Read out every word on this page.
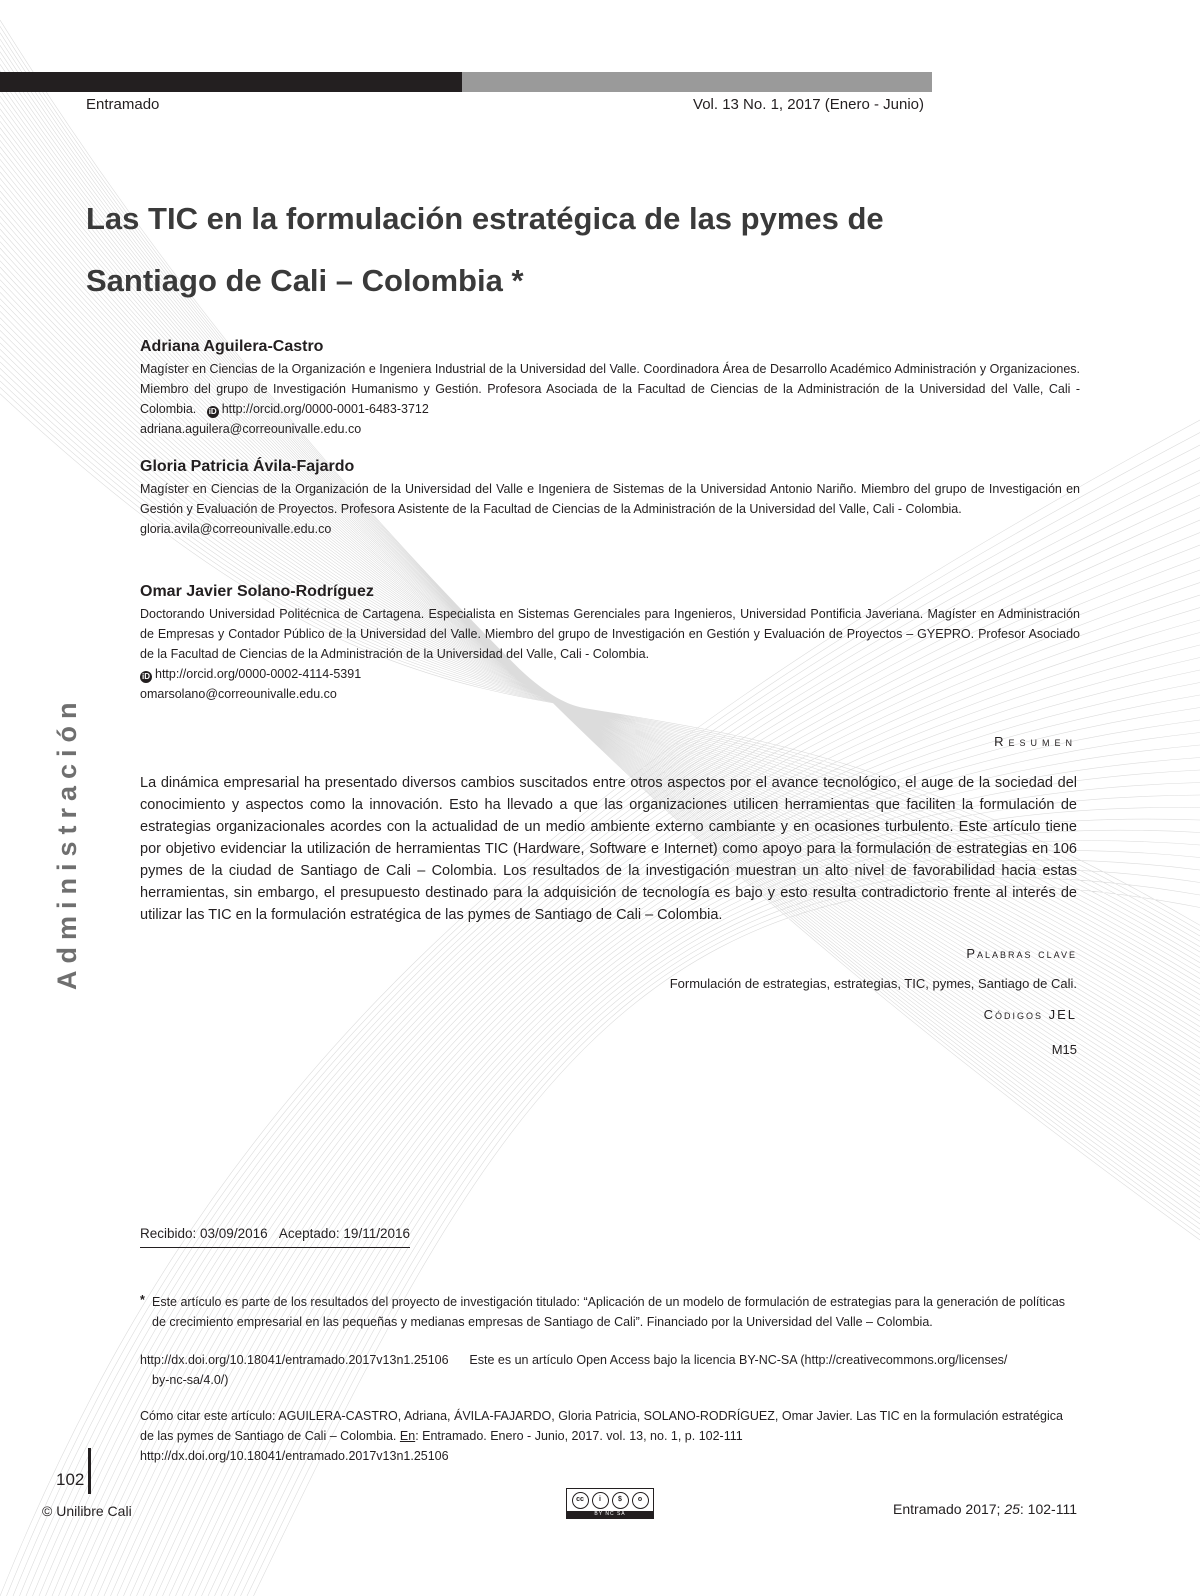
Entramado	Vol. 13 No. 1, 2017 (Enero - Junio)
Las TIC en la formulación estratégica de las pymes de
Santiago de Cali – Colombia *
Adriana Aguilera-Castro
Magíster en Ciencias de la Organización e Ingeniera Industrial de la Universidad del Valle. Coordinadora Área de Desarrollo Académico Administración y Organizaciones. Miembro del grupo de Investigación Humanismo y Gestión. Profesora Asociada de la Facultad de Ciencias de la Administración de la Universidad del Valle, Cali - Colombia. iD http://orcid.org/0000-0001-6483-3712
adriana.aguilera@correounivalle.edu.co
Gloria Patricia Ávila-Fajardo
Magíster en Ciencias de la Organización de la Universidad del Valle e Ingeniera de Sistemas de la Universidad Antonio Nariño. Miembro del grupo de Investigación en Gestión y Evaluación de Proyectos. Profesora Asistente de la Facultad de Ciencias de la Administración de la Universidad del Valle, Cali - Colombia.
gloria.avila@correounivalle.edu.co
Omar Javier Solano-Rodríguez
Doctorando Universidad Politécnica de Cartagena. Especialista en Sistemas Gerenciales para Ingenieros, Universidad Pontificia Javeriana. Magíster en Administración de Empresas y Contador Público de la Universidad del Valle. Miembro del grupo de Investigación en Gestión y Evaluación de Proyectos – GYEPRO. Profesor Asociado de la Facultad de Ciencias de la Administración de la Universidad del Valle, Cali - Colombia.
iD http://orcid.org/0000-0002-4114-5391
omarsolano@correounivalle.edu.co
Administración	Resumen
La dinámica empresarial ha presentado diversos cambios suscitados entre otros aspectos por el avance tecnológico, el auge de la sociedad del conocimiento y aspectos como la innovación. Esto ha llevado a que las organizaciones utilicen herramientas que faciliten la formulación de estrategias organizacionales acordes con la actualidad de un medio ambiente externo cambiante y en ocasiones turbulento. Este artículo tiene por objetivo evidenciar la utilización de herramientas TIC (Hardware, Software e Internet) como apoyo para la formulación de estrategias en 106 pymes de la ciudad de Santiago de Cali – Colombia. Los resultados de la investigación muestran un alto nivel de favorabilidad hacia estas herramientas, sin embargo, el presupuesto destinado para la adquisición de tecnología es bajo y esto resulta contradictorio frente al interés de utilizar las TIC en la formulación estratégica de las pymes de Santiago de Cali – Colombia.
Palabras clave
Formulación de estrategias, estrategias, TIC, pymes, Santiago de Cali.
Códigos JEL
M15
Recibido: 03/09/2016 Aceptado: 19/11/2016
* Este artículo es parte de los resultados del proyecto de investigación titulado: “Aplicación de un modelo de formulación de estrategias para la generación de políticas de crecimiento empresarial en las pequeñas y medianas empresas de Santiago de Cali”. Financiado por la Universidad del Valle – Colombia.
http://dx.doi.org/10.18041/entramado.2017v13n1.25106 Este es un artículo Open Access bajo la licencia BY-NC-SA (http://creativecommons.org/licenses/
by-nc-sa/4.0/)
Cómo citar este artículo: AGUILERA-CASTRO, Adriana, ÁVILA-FAJARDO, Gloria Patricia, SOLANO-RODRÍGUEZ, Omar Javier. Las TIC en la formulación estratégica de las pymes de Santiago de Cali – Colombia. En: Entramado. Enero - Junio, 2017. vol. 13, no. 1, p. 102-111
http://dx.doi.org/10.18041/entramado.2017v13n1.25106
102
© Unilibre Cali
cc	i	$	o
BY NC SA	Entramado 2017; 25: 102-111
